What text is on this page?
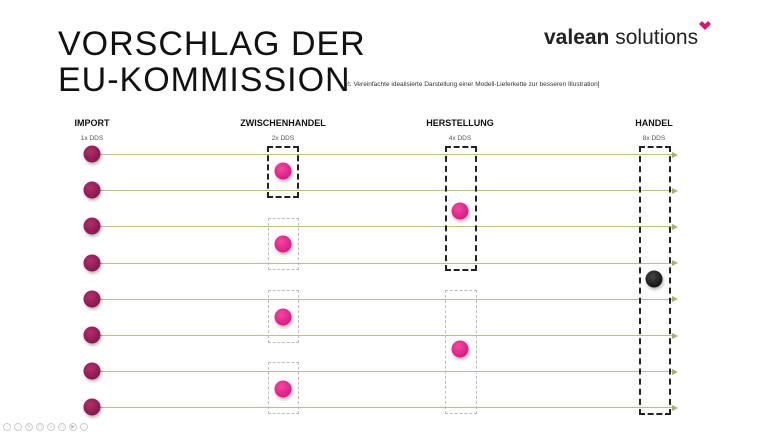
VORSCHLAG DER
EU-KOMMISSION
[⚠ Vereinfachte idealisierte Darstellung einer Modell-Lieferkette zur besseren Illustration]
valean solutions
IMPORT	ZWISCHENHANDEL	HERSTELLUNG	HANDEL
1x DDS	2x DDS	4x DDS	8x DDS
‹	›	✎	▢	⌕	▭	▶	…
